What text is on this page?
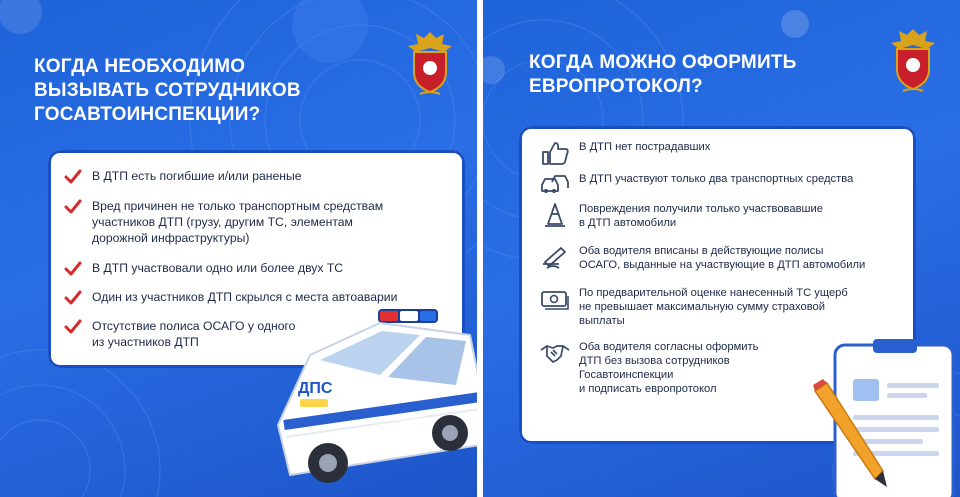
КОГДА НЕОБХОДИМО
ВЫЗЫВАТЬ СОТРУДНИКОВ
ГОСАВТОИНСПЕКЦИИ?
В ДТП есть погибшие и/или раненые
Вред причинен не только транспортным средствам
участников ДТП (грузу, другим ТС, элементам
дорожной инфраструктуры)
В ДТП участвовали одно или более двух ТС
Один из участников ДТП скрылся с места автоаварии
Отсутствие полиса ОСАГО у одного
из участников ДТП
ДПС
ПОЛИЦИЯ
КОГДА МОЖНО ОФОРМИТЬ
ЕВРОПРОТОКОЛ?
В ДТП нет пострадавших
В ДТП участвуют только два транспортных средства
Повреждения получили только участвовавшие
в ДТП автомобили
Оба водителя вписаны в действующие полисы
ОСАГО, выданные на участвующие в ДТП автомобили
По предварительной оценке нанесенный ТС ущерб
не превышает максимальную сумму страховой
выплаты
Оба водителя согласны оформить
ДТП без вызова сотрудников
Госавтоинспекции
и подписать европротокол
